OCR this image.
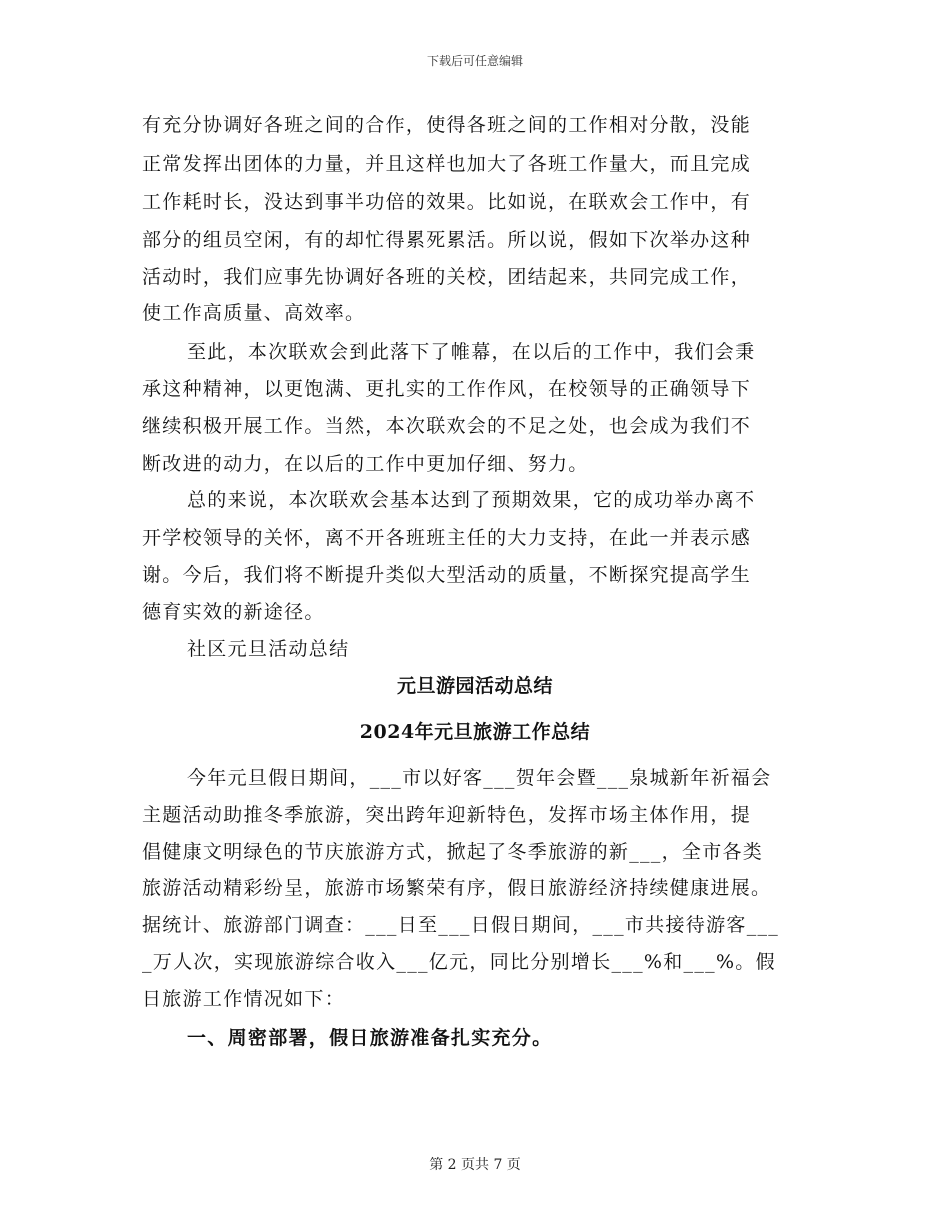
下载后可任意编辑
有充分协调好各班之间的合作，使得各班之间的工作相对分散，没能
正常发挥出团体的力量，并且这样也加大了各班工作量大，而且完成
工作耗时长，没达到事半功倍的效果。比如说，在联欢会工作中，有
部分的组员空闲，有的却忙得累死累活。所以说，假如下次举办这种
活动时，我们应事先协调好各班的关校，团结起来，共同完成工作，
使工作高质量、高效率。
至此，本次联欢会到此落下了帷幕，在以后的工作中，我们会秉
承这种精神，以更饱满、更扎实的工作作风，在校领导的正确领导下
继续积极开展工作。当然，本次联欢会的不足之处，也会成为我们不
断改进的动力，在以后的工作中更加仔细、努力。
总的来说，本次联欢会基本达到了预期效果，它的成功举办离不
开学校领导的关怀，离不开各班班主任的大力支持，在此一并表示感
谢。今后，我们将不断提升类似大型活动的质量，不断探究提高学生
德育实效的新途径。
社区元旦活动总结
元旦游园活动总结
2024年元旦旅游工作总结
今年元旦假日期间，___市以好客___贺年会暨___泉城新年祈福会
主题活动助推冬季旅游，突出跨年迎新特色，发挥市场主体作用，提
倡健康文明绿色的节庆旅游方式，掀起了冬季旅游的新___，全市各类
旅游活动精彩纷呈，旅游市场繁荣有序，假日旅游经济持续健康进展。
据统计、旅游部门调查：___日至___日假日期间，___市共接待游客___
_万人次，实现旅游综合收入___亿元，同比分别增长___%和___%。假
日旅游工作情况如下：
一、周密部署，假日旅游准备扎实充分。
第 2 页共 7 页
